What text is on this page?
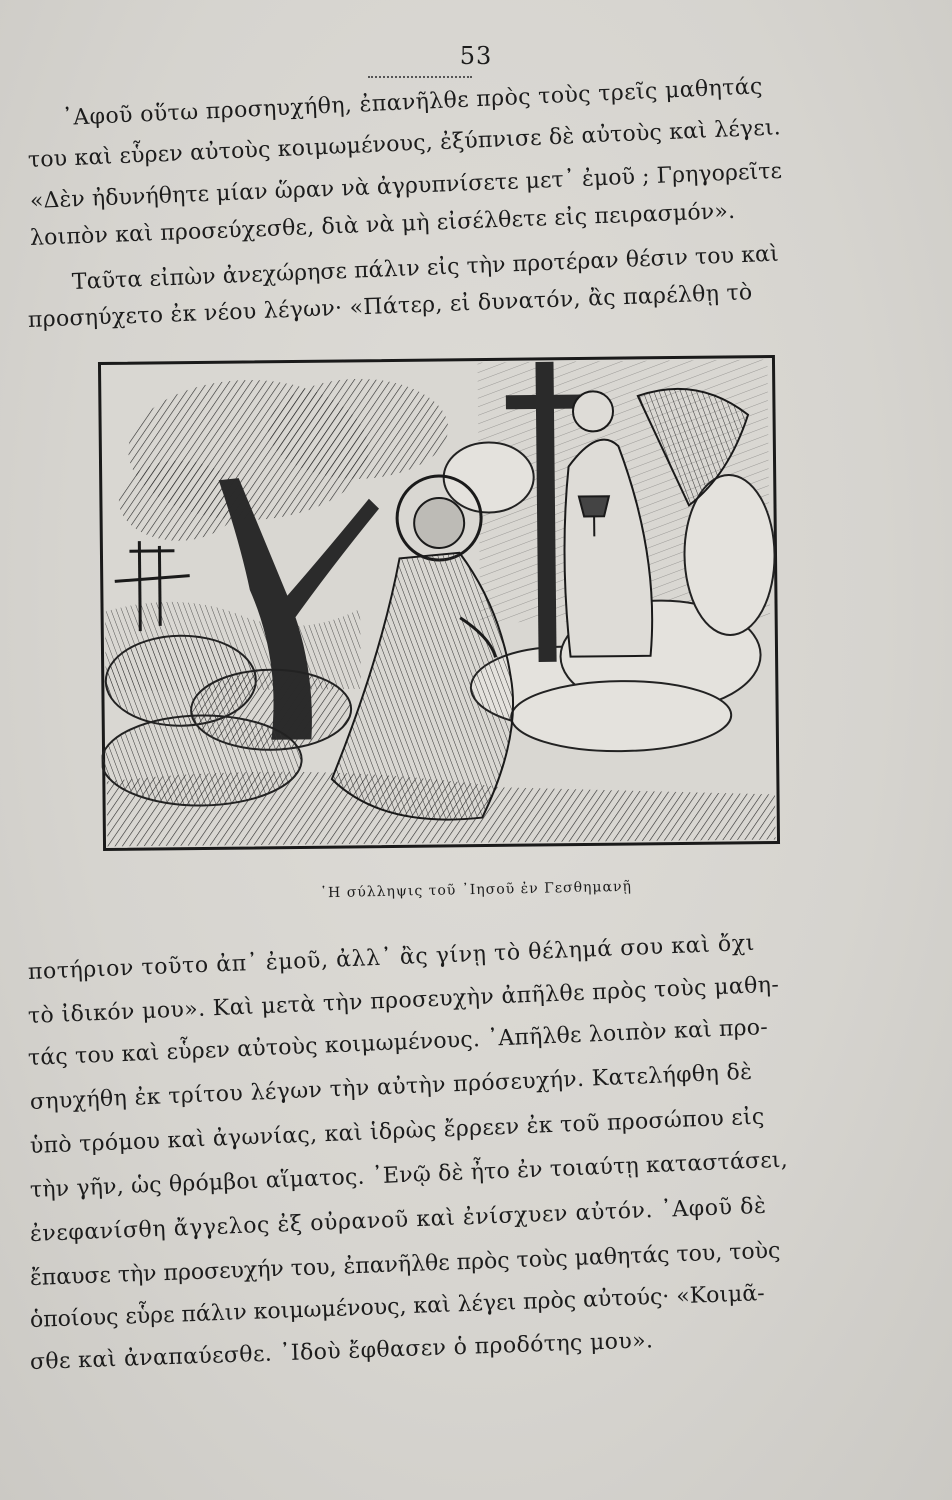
53
᾿Αφοῦ οὕτω προσηυχήθη, ἐπανῆλθε πρὸς τοὺς τρεῖς μαθητάς
του καὶ εὗρεν αὐτοὺς κοιμωμένους, ἐξύπνισε δὲ αὐτοὺς καὶ λέγει.
«Δὲν ἠδυνήθητε μίαν ὥραν νὰ ἀγρυπνίσετε μετ᾿ ἐμοῦ ; Γρηγορεῖτε
λοιπὸν καὶ προσεύχεσθε, διὰ νὰ μὴ εἰσέλθετε εἰς πειρασμόν».
Ταῦτα εἰπὼν ἀνεχώρησε πάλιν εἰς τὴν προτέραν θέσιν του καὶ
προσηύχετο ἐκ νέου λέγων· «Πάτερ, εἰ δυνατόν, ἂς παρέλθῃ τὸ
῾Η σύλληψις τοῦ ᾿Ιησοῦ ἐν Γεσθημανῇ
ποτήριον τοῦτο ἀπ᾿ ἐμοῦ, ἀλλ᾿ ἂς γίνῃ τὸ θέλημά σου καὶ ὄχι
τὸ ἰδικόν μου». Καὶ μετὰ τὴν προσευχὴν ἀπῆλθε πρὸς τοὺς μαθη-
τάς του καὶ εὗρεν αὐτοὺς κοιμωμένους. ᾿Απῆλθε λοιπὸν καὶ προ-
σηυχήθη ἐκ τρίτου λέγων τὴν αὐτὴν πρόσευχήν. Κατελήφθη δὲ
ὑπὸ τρόμου καὶ ἀγωνίας, καὶ ἱδρὼς ἔρρεεν ἐκ τοῦ προσώπου εἰς
τὴν γῆν, ὡς θρόμβοι αἵματος. ᾿Ενῷ δὲ ἦτο ἐν τοιαύτῃ καταστάσει,
ἐνεφανίσθη ἄγγελος ἐξ οὐρανοῦ καὶ ἐνίσχυεν αὐτόν. ᾿Αφοῦ δὲ
ἔπαυσε τὴν προσευχήν του, ἐπανῆλθε πρὸς τοὺς μαθητάς του, τοὺς
ὁποίους εὗρε πάλιν κοιμωμένους, καὶ λέγει πρὸς αὐτούς· «Κοιμᾶ-
σθε καὶ ἀναπαύεσθε. ᾿Ιδοὺ ἔφθασεν ὁ προδότης μου».
